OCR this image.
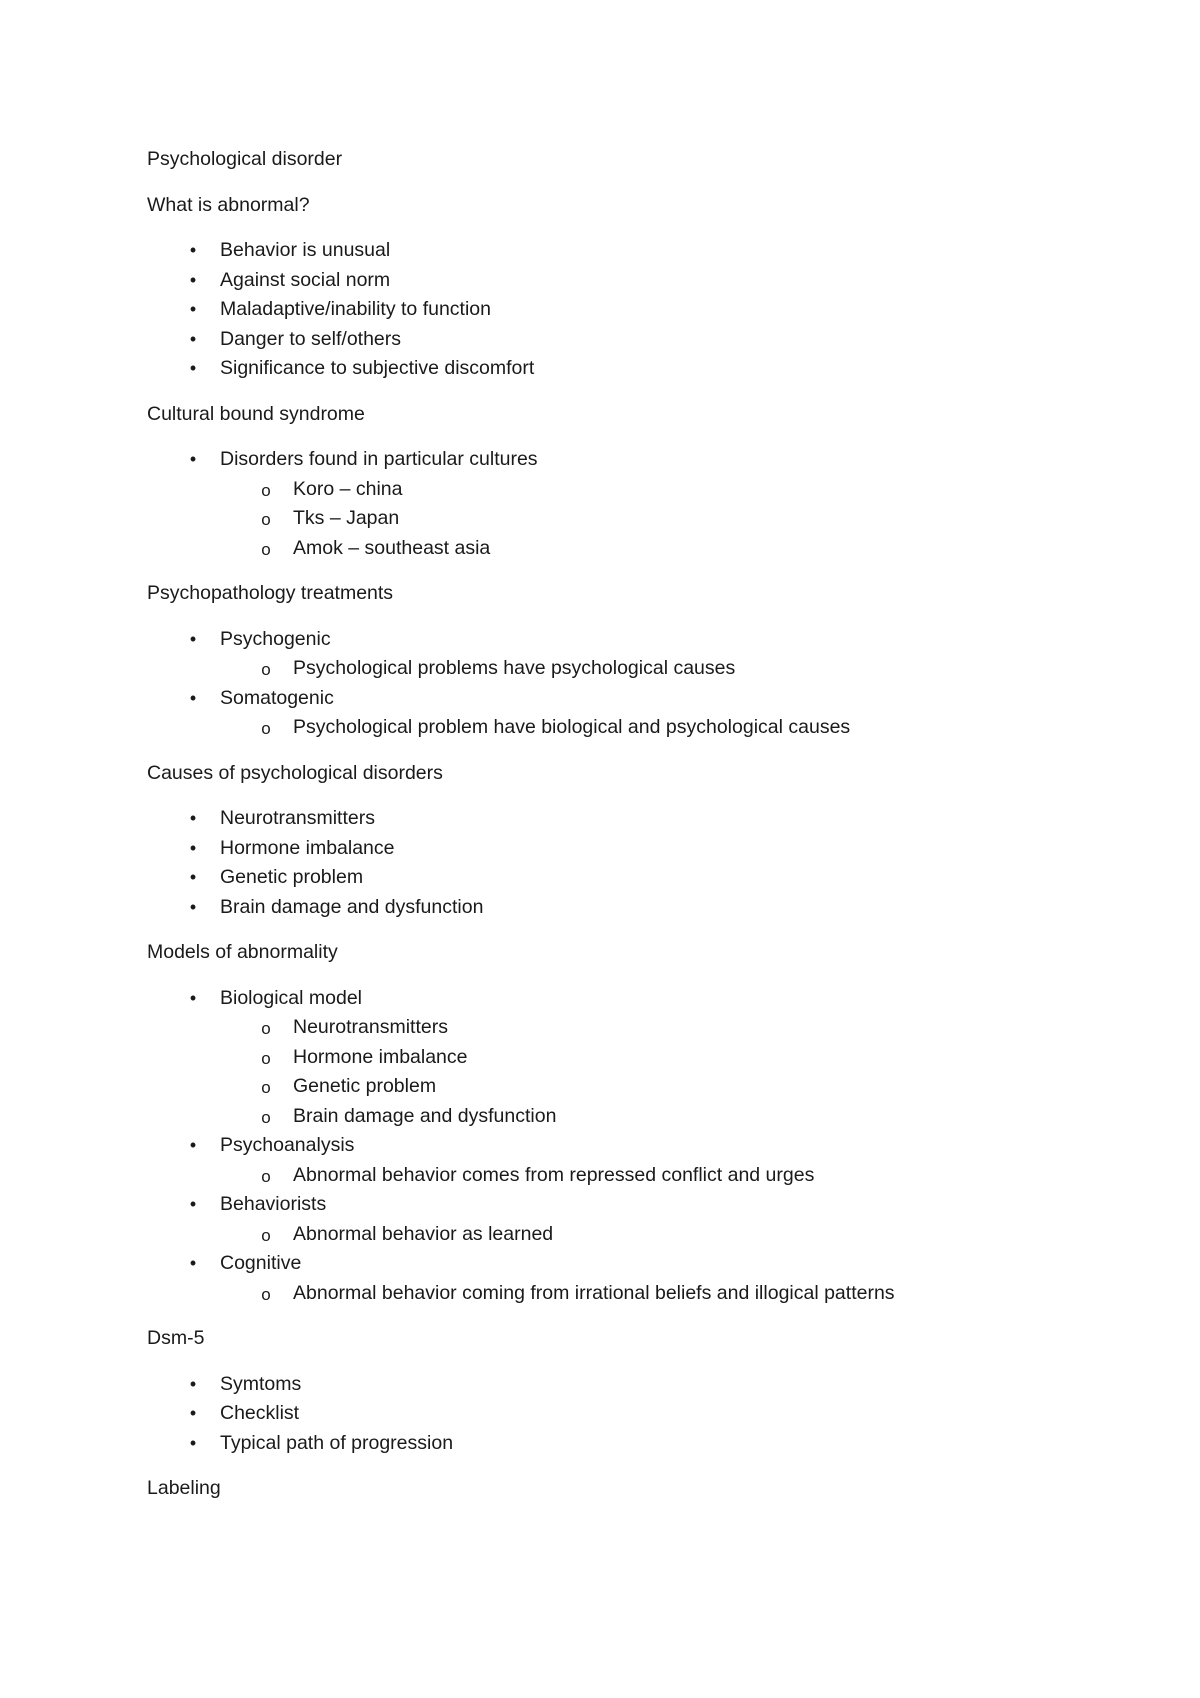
Psychological disorder

What is abnormal?

•	Behavior is unusual
•	Against social norm
•	Maladaptive/inability to function
•	Danger to self/others
•	Significance to subjective discomfort

Cultural bound syndrome

•	Disorders found in particular cultures
o Koro – china
o Tks – Japan
o Amok – southeast asia

Psychopathology treatments

•	Psychogenic
o Psychological problems have psychological causes
•	Somatogenic
o Psychological problem have biological and psychological causes

Causes of psychological disorders

•	Neurotransmitters
•	Hormone imbalance
•	Genetic problem
•	Brain damage and dysfunction

Models of abnormality

•	Biological model
o Neurotransmitters
o Hormone imbalance
o Genetic problem
o Brain damage and dysfunction
•	Psychoanalysis
o Abnormal behavior comes from repressed conflict and urges
•	Behaviorists
o Abnormal behavior as learned
•	Cognitive
o Abnormal behavior coming from irrational beliefs and illogical patterns

Dsm-5

•	Symtoms
•	Checklist
•	Typical path of progression

Labeling
